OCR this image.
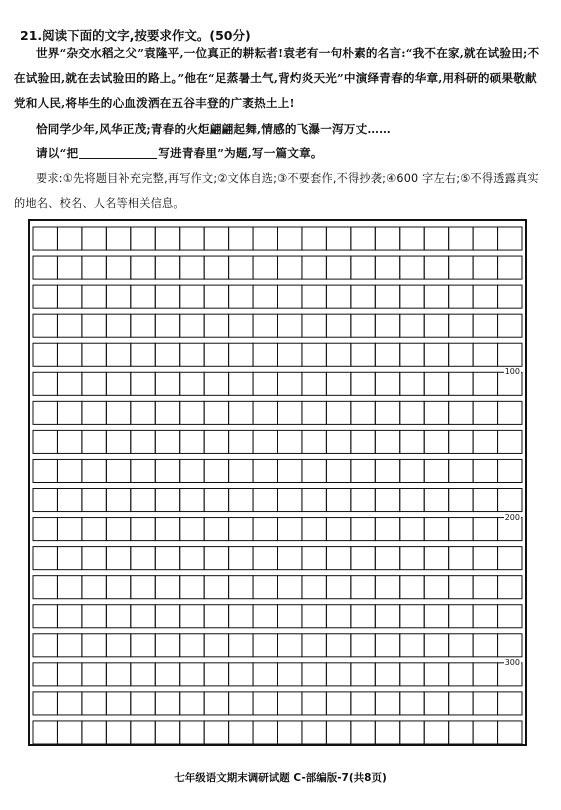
21.阅读下面的文字,按要求作文。(50分)
世界“杂交水稻之父”袁隆平,一位真正的耕耘者!袁老有一句朴素的名言:“我不在家,就在试验田;不在试验田,就在去试验田的路上。”他在“足蒸暑土气,背灼炎天光”中演绎青春的华章,用科研的硕果敬献党和人民,将毕生的心血泼洒在五谷丰登的广袤热土上!
恰同学少年,风华正茂;青春的火炬翩翩起舞,情感的飞瀑一泻万丈……
请以“把	写进青春里”为题,写一篇文章。
要求:①先将题目补充完整,再写作文;②文体自选;③不要套作,不得抄袭;④600 字左右;⑤不得透露真实的地名、校名、人名等相关信息。
100
200
300
七年级语文期末调研试题 C-部编版-7(共8页)
